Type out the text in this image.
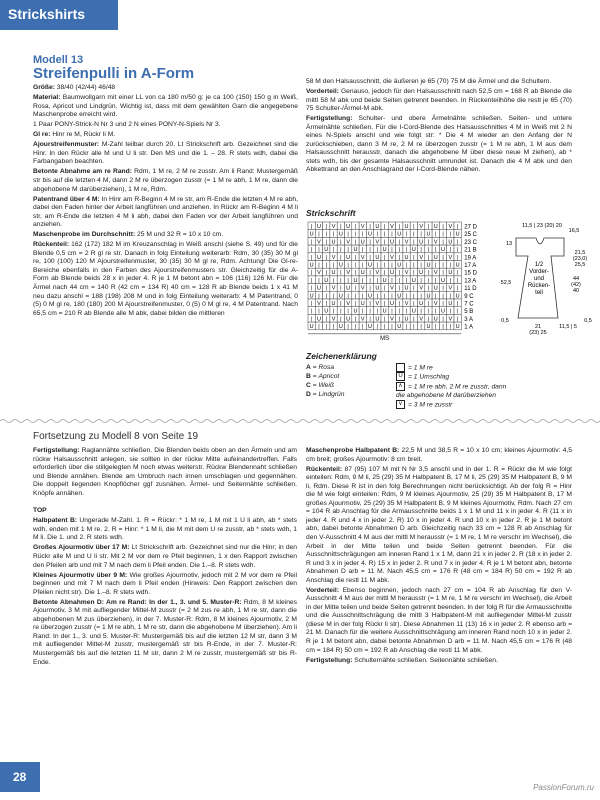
Strickshirts
Modell 13
Streifenpulli in A-Form

Größe: 38/40 (42/44) 46/48

Material: Baumwollgarn mit einer LL von ca 180 m/50 g: je ca 100 (150) 150 g in Weiß, Rosa, Apricot und Lindgrün. Wichtig ist, dass mit dem gewählten Garn die angegebene Maschenprobe erreicht wird.

1 Paar PONY-Strick-N Nr 3 und 2 N eines PONY-N-Spiels Nr 3.

Gl re: Hinr re M, Rückr li M.

Ajourstreifenmuster: M-Zahl teilbar durch 20. Lt Strickschrift arb. Gezeichnet sind die Hinr. In den Rückr alle M und U li str. Den MS und die 1. – 28. R stets wdh, dabei die Farbangaben beachten.

Betonte Abnahme am re Rand: Rdm, 1 M re, 2 M re zusstr. Am li Rand: Mustergemäß str bis auf die letzten 4 M, dann 2 M re überzogen zusstr (= 1 M re abh, 1 M re, dann die abgehobene M darüberziehen), 1 M re, Rdm.

Patentrand über 4 M: In Hinr am R-Beginn 4 M re str, am R-Ende die letzten 4 M re abh, dabei den Faden hinter der Arbeit langführen und anziehen. In Rückr am R-Beginn 4 M li str, am R-Ende die letzten 4 M li abh, dabei den Faden vor der Arbeit langführen und anziehen.

Maschenprobe im Durchschnitt: 25 M und 32 R = 10 x 10 cm.

Rückenteil: 162 (172) 182 M im Kreuzanschlag in Weiß anschl (siehe S. 49) und für die Blende 0,5 cm = 2 R gl re str. Danach in folg Einteilung weiterarb: Rdm, 30 (35) 30 M gl re, 100 (100) 120 M Ajourstreifenmuster, 30 (35) 30 M gl re, Rdm. Achtung! Die Gl-re-Bereiche ebenfalls in den Farben des Ajourstreifenmusters str. Gleichzeitig für die A-Form ab Blende beids 28 x in jeder 4. R je 1 M betont abn = 106 (116) 126 M. Für die Ärmel nach 44 cm = 140 R (42 cm = 134 R) 40 cm = 128 R ab Blende beids 1 x 41 M neu dazu anschl = 188 (198) 208 M und in folg Einteilung weiterarb: 4 M Patentrand, 0 (5) 0 M gl re, 180 (180) 200 M Ajourstreifenmuster, 0 (5) 0 M gl re, 4 M Patentrand. Nach 65,5 cm = 210 R ab Blende alle M abk, dabei bilden die mittleren

58 M den Halsausschnitt, die äußeren je 65 (70) 75 M die Ärmel und die Schultern.

Vorderteil: Genauso, jedoch für den Halsausschnitt nach 52,5 cm = 168 R ab Blende die mittl 58 M abk und beide Seiten getrennt beenden. In Rückenteilhöhe die restl je 65 (70) 75 Schulter-/Ärmel-M abk.

Fertigstellung: Schulter- und obere Ärmelnähte schließen. Seiten- und untere Ärmelnähte schließen. Für die I-Cord-Blende des Halsausschnittes 4 M in Weiß mit 2 N eines N-Spiels anschl und wie folgt str: * Die 4 M wieder an den Anfang der N zurückschieben, dann 3 M re, 2 M re überzogen zusstr (= 1 M re abh, 1 M aus dem Halsausschnitt herausstr, danach die abgehobene M über diese neue M ziehen), ab * stets wdh, bis der gesamte Halsausschnitt umrundet ist. Danach die 4 M abk und den Abkettrand an den Anschlagrand der I-Cord-Blende nähen.

Strickschrift
| U | V | U | V | U | V | U | V | U | V |
U | | | U | | | U | | | U | | | U | | | U
| V | U | V | U | V | U | V | U | V | U |
| | U | | | U | | | U | | | U | | | U | |
| U | V | U | V | U | V | U | V | U | V |
U | | | U | | | U | | | U | | | U | | | U
| V | U | V | U | V | U | V | U | V | U |
| | U | | | U | | | U | | | U | | | U | |
| U | V | U | V | U | V | U | V | U | V |
U | | | U | | | U | | | U | | | U | | | U
| V | U | V | U | V | U | V | U | V | U |
| | U | | | U | | | U | | | U | | | U | |
| U | V | U | V | U | V | U | V | U | V |
U | | | U | | | U | | | U | | | U | | | U
MS
27 D
25 C
23 C
21 B
19 A
17 A
15 D
13 A
11 D
9 C
7 C
5 B
3 A
1 A
1/2
Vorder-
und
Rücken-
teil
11,5 | 23 (20) 20
16,5
13
21,5
(23,0)
25,5
44
(42)
40
52,5
21
(23) 25
0,5
11,5 | 5
0,5
Zeichenerklärung
A = Rosa
B = Apricot
C = Weiß
D = Lindgrün
= 1 M re
U = 1 Umschlag
∧ = 1 M re abh, 2 M re zusstr, dann die abgehobene M darüberziehen
∨ = 3 M re zusstr
Fortsetzung zu Modell 8 von Seite 19

Fertigstellung: Raglannähte schließen. Die Blenden beids oben an den Ärmeln und am rückw Halsausschnitt anlegen, sie sollten in der rückw Mitte aufeinandertreffen. Falls erforderlich über die stillgelegten M noch etwas weiterstr. Rückw Blendennaht schließen und Blende annähen. Blende am Umbruch nach innen umschlagen und gegennähen. Die doppelt liegenden Knopflöcher ggf zusnähen. Ärmel- und Seitennähte schließen. Knöpfe annähen.

TOP

Halbpatent B: Ungerade M-Zahl. 1. R = Rückr: * 1 M re, 1 M mit 1 U li abh, ab * stets wdh, enden mit 1 M re. 2. R = Hinr: * 1 M li, die M mit dem U re zusstr, ab * stets wdh, 1 M li. Die 1. und 2. R stets wdh.

Großes Ajourmotiv über 17 M: Lt Strickschrift arb. Gezeichnet sind nur die Hinr; in den Rückr alle M und U li str. Mit 2 M vor dem re Pfeil beginnen, 1 x den Rapport zwischen den Pfeilen arb und mit 7 M nach dem li Pfeil enden. Die 1.–8. R stets wdh.

Kleines Ajourmotiv über 9 M: Wie großes Ajourmotiv, jedoch mit 2 M vor dem re Pfeil beginnen und mit 7 M nach dem li Pfeil enden (Hinweis: Den Rapport zwischen den Pfeilen nicht str). Die 1.–8. R stets wdh.

Betonte Abnahmen D: Am re Rand: In der 1., 3. und 5. Muster-R: Rdm, 8 M kleines Ajourmotiv, 3 M mit aufliegender Mittel-M zusstr (= 2 M zus re abh, 1 M re str, dann die abgehobenen M zus überziehen), in der 7. Muster-R: Rdm, 8 M kleines Ajourmotiv, 2 M re überzogen zusstr (= 1 M re abh, 1 M re str, dann die abgehobene M überziehen). Am li Rand: In der 1., 3. und 5. Muster-R: Mustergemäß bis auf die letzten 12 M str, dann 3 M mit aufliegender Mittel-M zusstr, mustergemäß str bis R-Ende, in der 7. Muster-R: Mustergemäß bis auf die letzten 11 M str, dann 2 M re zusstr, mustergemäß str bis R-Ende.

Maschenprobe Halbpatent B: 22,5 M und 38,5 R = 10 x 10 cm; kleines Ajourmotiv: 4,5 cm breit; großes Ajourmotiv: 8 cm breit.

Rückenteil: 87 (95) 107 M mit N Nr 3,5 anschl und in der 1. R = Rückr die M wie folgt einteilen: Rdm, 9 M li, 25 (29) 35 M Halbpatent B, 17 M li, 25 (29) 35 M Halbpatent B, 9 M li, Rdm. Diese R ist in den folg Berechnungen nicht berücksichtigt. Ab der folg R = Hinr die M wie folgt einteilen: Rdm, 9 M kleines Ajourmotiv, 25 (29) 35 M Halbpatent B, 17 M großes Ajourmotiv, 25 (29) 35 M Halbpatent B, 9 M kleines Ajourmotiv, Rdm. Nach 27 cm = 104 R ab Anschlag für die Armausschnitte beids 1 x 1 M und 11 x in jeder 4. R (11 x in jeder 4. R und 4 x in jeder 2. R) 10 x in jeder 4. R und 10 x in jeder 2. R je 1 M betont abn, dabei betonte Abnahmen D arb. Gleichzeitig nach 33 cm = 128 R ab Anschlag für den V-Ausschnitt 4 M aus der mittl M herausstr (= 1 M re, 1 M re verschr im Wechsel), die Arbeit in der Mitte teilen und beide Seiten getrennt beenden. Für die Ausschnittschrägungen am inneren Rand 1 x 1 M, dann 21 x in jeder 2. R (18 x in jeder 2. R und 3 x in jeder 4. R) 15 x in jeder 2. R und 7 x in jeder 4. R je 1 M betont abn, betonte Abnahmen D arb = 11 M. Nach 45,5 cm = 176 R (48 cm = 184 R) 50 cm = 192 R ab Anschlag die restl 11 M abk.

Vorderteil: Ebenso beginnen, jedoch nach 27 cm = 104 R ab Anschlag für den V-Ausschnitt 4 M aus der mittl M herausstr (= 1 M re, 1 M re verschr im Wechsel), die Arbeit in der Mitte teilen und beide Seiten getrennt beenden. In der folg R für die Armausschnitte und die Ausschnittschrägung die mittl 3 Halbpatent-M mit aufliegender Mittel-M zusstr (diese M in der folg Rückr li str). Diese Abnahmen 11 (13) 16 x in jeder 2. R ebenso arb = 21 M. Danach für die weitere Ausschnittschrägung am inneren Rand noch 10 x in jeder 2. R je 1 M betont abn, dabei betonte Abnahmen D arb = 11 M. Nach 45,5 cm = 176 R (48 cm = 184 R) 50 cm = 192 R ab Anschlag die restl 11 M abk.

Fertigstellung: Schulternähte schließen. Seitennähte schließen.

28
PassionForum.ru
